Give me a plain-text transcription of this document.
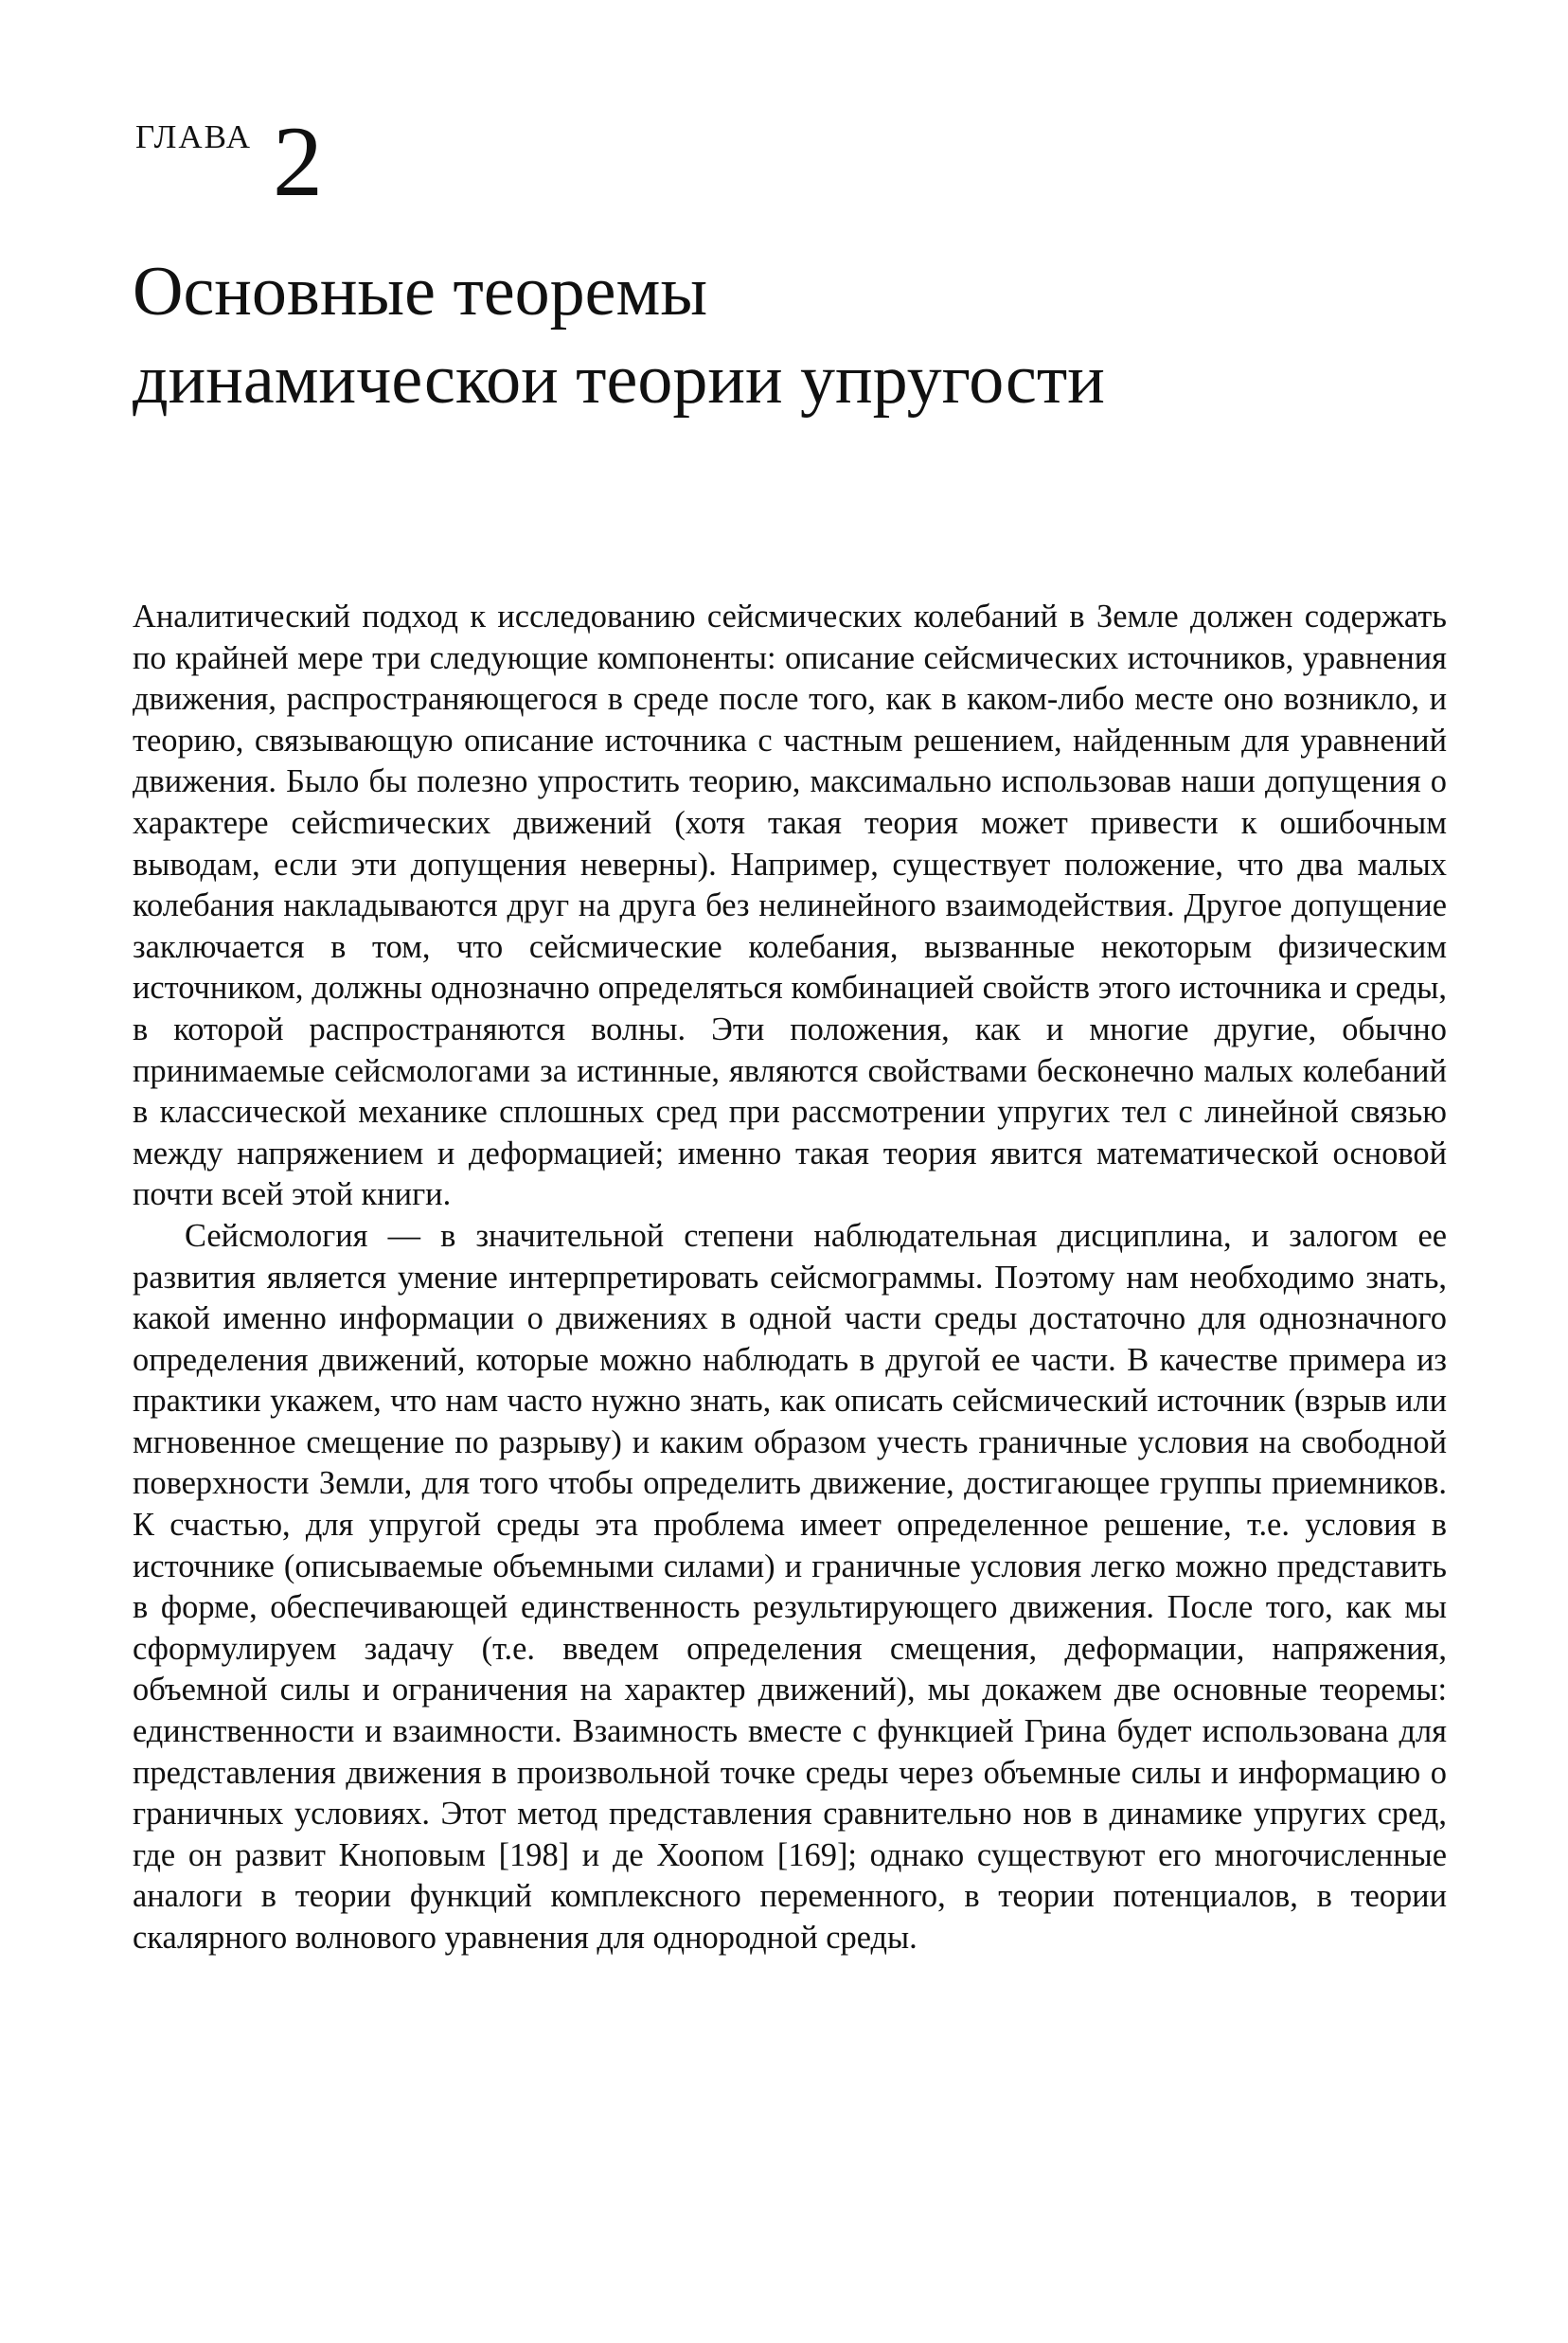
ГЛАВА 2
Основные теоремы
динамическои теории упругости

Аналитический подход к исследованию сейсмических колебаний в Земле должен содержать по крайней мере три следующие компоненты: описание сейсмических источников, уравнения движения, распространяющегося в среде после того, как в каком-либо месте оно возникло, и теорию, связывающую описание источника с частным решением, найденным для уравнений движения. Было бы полезно упростить теорию, максимально использовав наши допущения о характере сейсmических движений (хотя такая теория может привести к ошибочным выводам, если эти допущения неверны). Например, существует положение, что два малых колебания накладываются друг на друга без нелинейного взаимодействия. Другое допущение заключается в том, что сейсмические колебания, вызванные некоторым физическим источником, должны однозначно определяться комбинацией свойств этого источника и среды, в которой распространяются волны. Эти положения, как и многие другие, обычно принимаемые сейсмологами за истинные, являются свойствами бесконечно малых колебаний в классической механике сплошных сред при рассмотрении упругих тел с линейной связью между напряжением и деформацией; именно такая теория явится математической основой почти всей этой книги.

Сейсмология — в значительной степени наблюдательная дисциплина, и залогом ее развития является умение интерпретировать сейсмограммы. Поэтому нам необходимо знать, какой именно информации о движениях в одной части среды достаточно для однозначного определения движений, которые можно наблюдать в другой ее части. В качестве примера из практики укажем, что нам часто нужно знать, как описать сейсмический источник (взрыв или мгновенное смещение по разрыву) и каким образом учесть граничные условия на свободной поверхности Земли, для того чтобы определить движение, достигающее группы приемников. К счастью, для упругой среды эта проблема имеет определенное решение, т.е. условия в источнике (описываемые объемными силами) и граничные условия легко можно представить в форме, обеспечивающей единственность результирующего движения. После того, как мы сформулируем задачу (т.е. введем определения смещения, деформации, напряжения, объемной силы и ограничения на характер движений), мы докажем две основные теоремы: единственности и взаимности. Взаимность вместе с функцией Грина будет использована для представления движения в произвольной точке среды через объемные силы и информацию о граничных условиях. Этот метод представления сравнительно нов в динамике упругих сред, где он развит Кноповым [198] и де Хоопом [169]; однако существуют его многочисленные аналоги в теории функций комплексного переменного, в теории потенциалов, в теории скалярного волнового уравнения для однородной среды.
